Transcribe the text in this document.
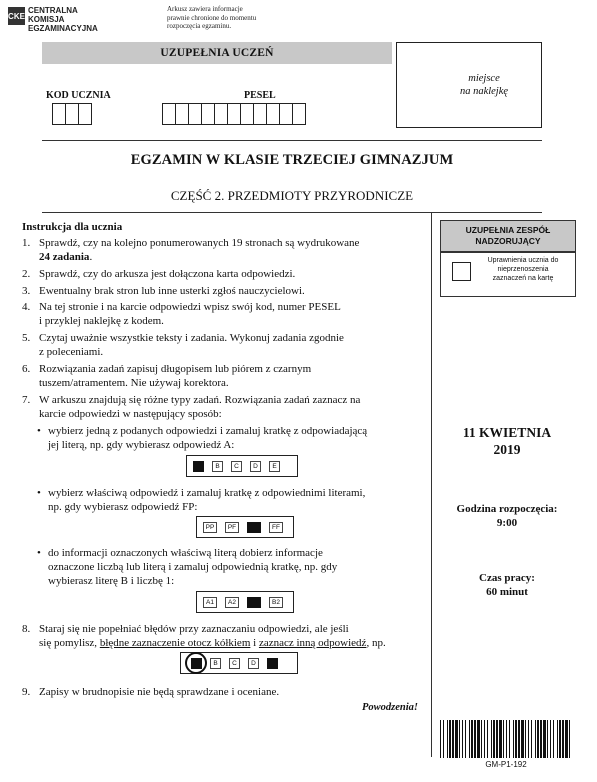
CKE
CENTRALNA
KOMISJA
EGZAMINACYJNA
Arkusz zawiera informacje
prawnie chronione do momentu
rozpoczęcia egzaminu.
UZUPEŁNIA UCZEŃ
miejsce
na naklejkę
KOD UCZNIA	PESEL
EGZAMIN W KLASIE TRZECIEJ GIMNAZJUM
CZĘŚĆ 2. PRZEDMIOTY PRZYRODNICZE
Instrukcja dla ucznia
1. Sprawdź, czy na kolejno ponumerowanych 19 stronach są wydrukowane
24 zadania.
2. Sprawdź, czy do arkusza jest dołączona karta odpowiedzi.
3. Ewentualny brak stron lub inne usterki zgłoś nauczycielowi.
4. Na tej stronie i na karcie odpowiedzi wpisz swój kod, numer PESEL
i przyklej naklejkę z kodem.
5. Czytaj uważnie wszystkie teksty i zadania. Wykonuj zadania zgodnie
z poleceniami.
6. Rozwiązania zadań zapisuj długopisem lub piórem z czarnym
tuszem/atramentem. Nie używaj korektora.
7. W arkuszu znajdują się różne typy zadań. Rozwiązania zadań zaznacz na
karcie odpowiedzi w następujący sposób:
• wybierz jedną z podanych odpowiedzi i zamaluj kratkę z odpowiadającą
jej literą, np. gdy wybierasz odpowiedź A:
B	C	D	E
• wybierz właściwą odpowiedź i zamaluj kratkę z odpowiednimi literami,
np. gdy wybierasz odpowiedź FP:
PP	PF	FF
• do informacji oznaczonych właściwą literą dobierz informacje
oznaczone liczbą lub literą i zamaluj odpowiednią kratkę, np. gdy
wybierasz literę B i liczbę 1:
A1	A2	B2
8. Staraj się nie popełniać błędów przy zaznaczaniu odpowiedzi, ale jeśli
się pomylisz, błędne zaznaczenie otocz kółkiem i zaznacz inną odpowiedź, np.
B	C	D
9. Zapisy w brudnopisie nie będą sprawdzane i oceniane.
Powodzenia!
UZUPEŁNIA ZESPÓŁ
NADZORUJĄCY
Uprawnienia ucznia do
nieprzenoszenia
zaznaczeń na kartę
11 KWIETNIA
2019
Godzina rozpoczęcia:
9:00
Czas pracy:
60 minut
GM-P1-192
